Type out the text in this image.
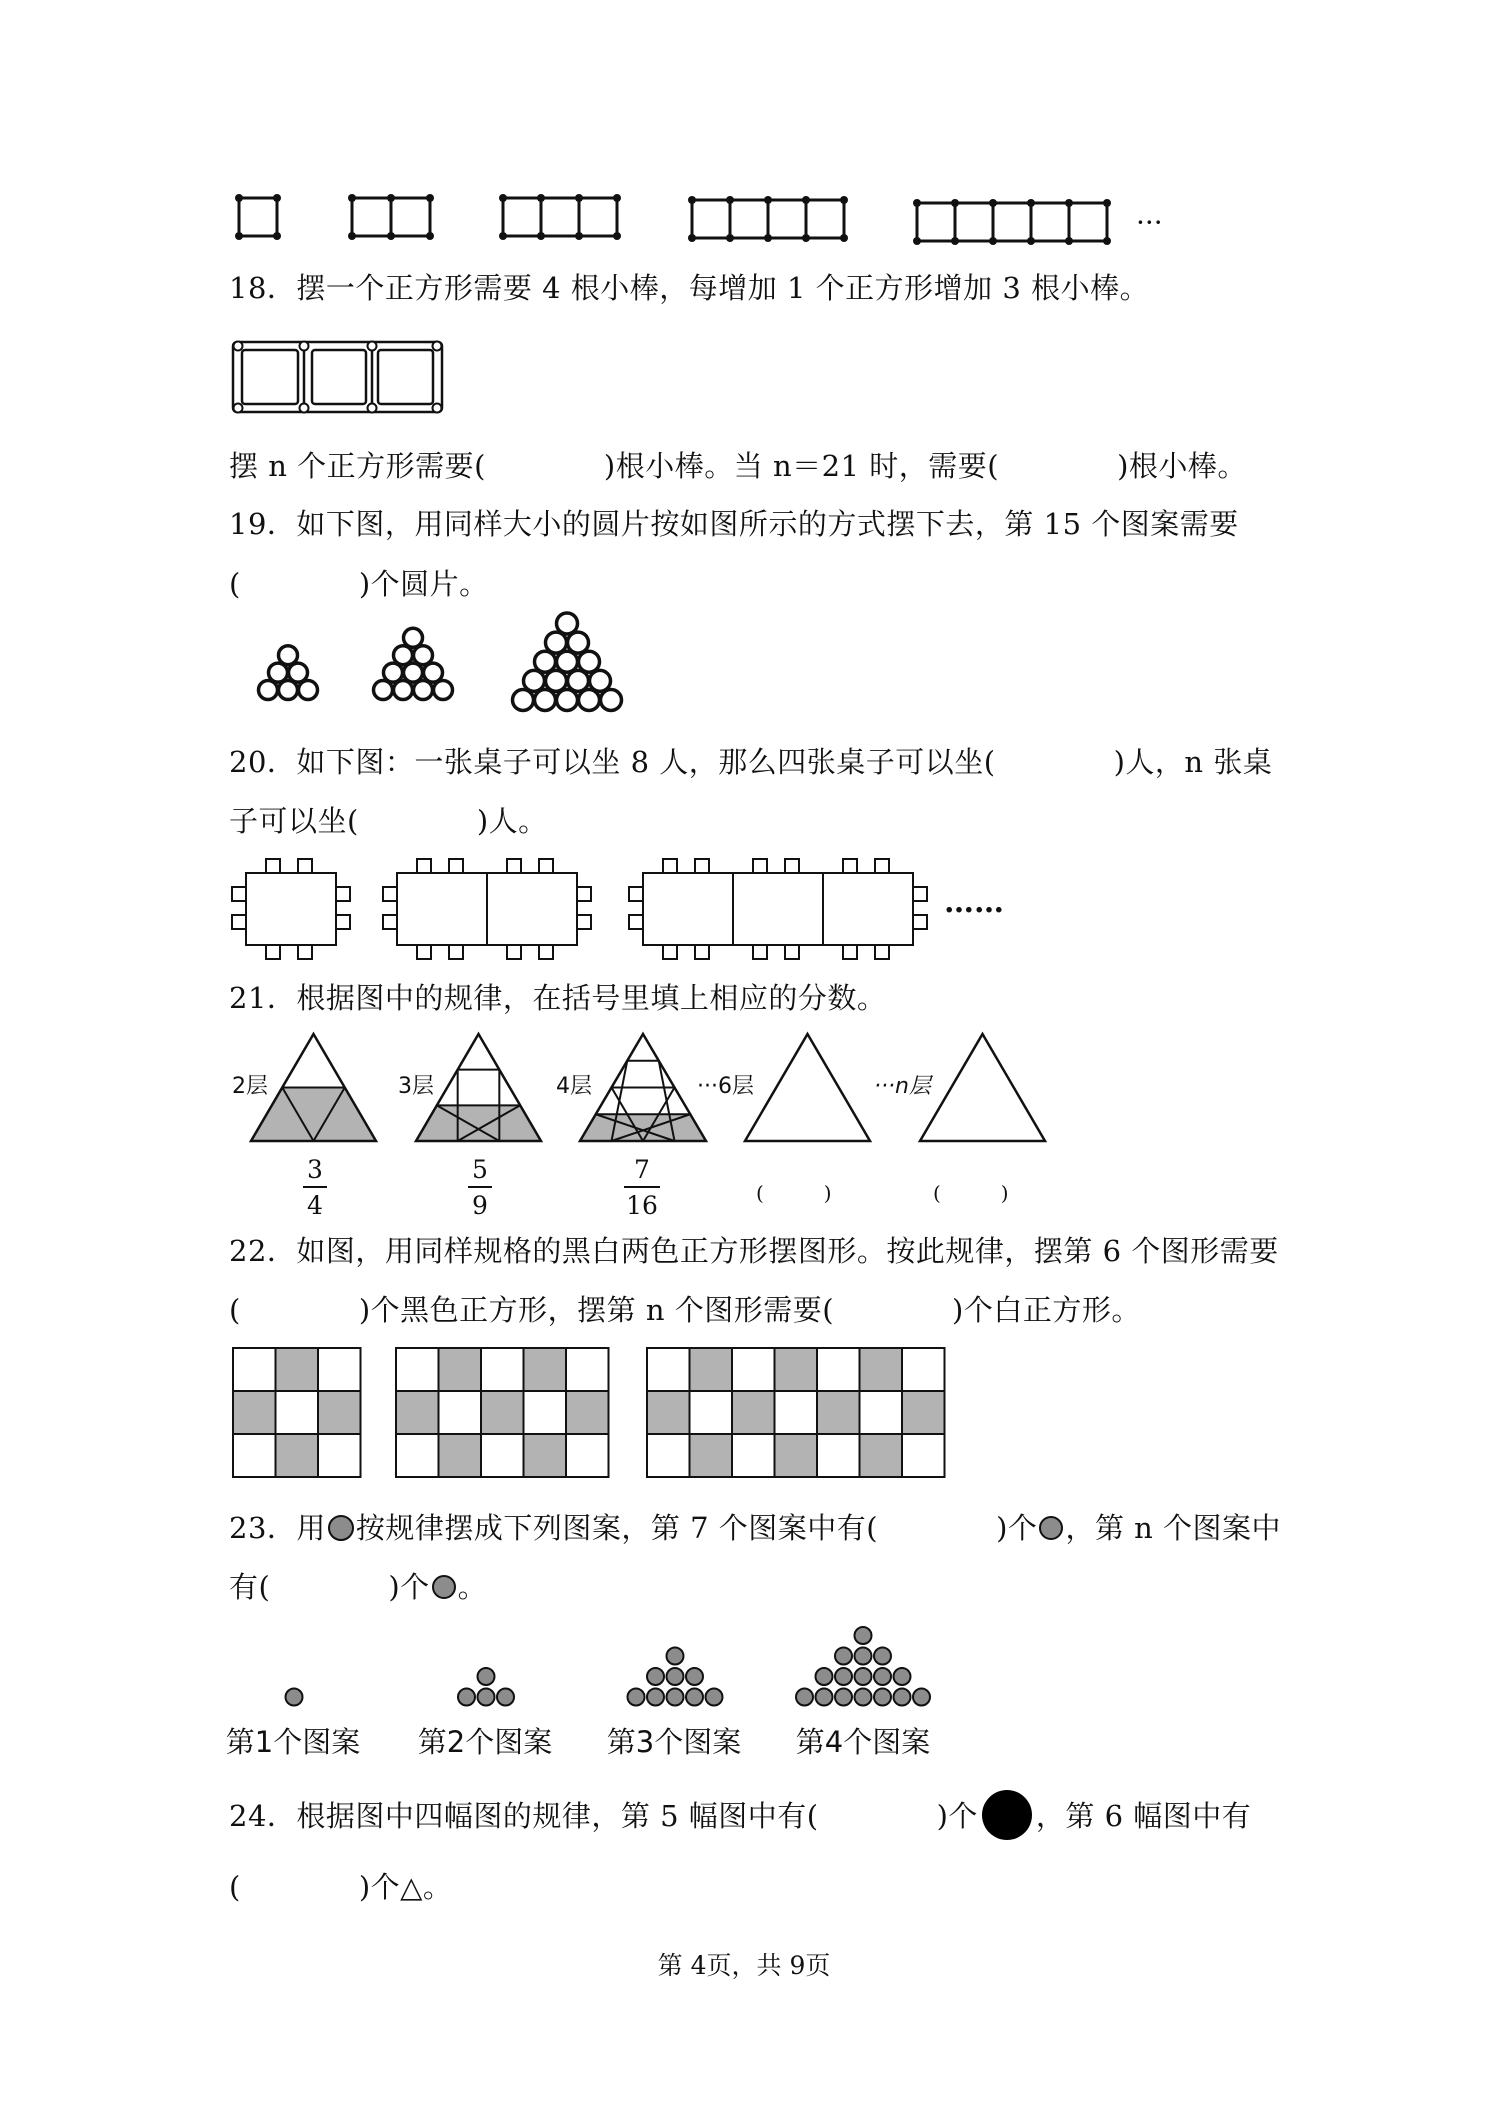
···
18．摆一个正方形需要 4 根小棒，每增加 1 个正方形增加 3 根小棒。
摆 n 个正方形需要(　　　　)根小棒。当 n＝21 时，需要(　　　　)根小棒。
19．如下图，用同样大小的圆片按如图所示的方式摆下去，第 15 个图案需要
(　　　　)个圆片。
20．如下图：一张桌子可以坐 8 人，那么四张桌子可以坐(　　　　)人，n 张桌
子可以坐(　　　　)人。
……
21．根据图中的规律，在括号里填上相应的分数。
2层	3层	4层	···6层	···n层
3
4
5
9
7
16	(　　　)	(　　　)
22．如图，用同样规格的黑白两色正方形摆图形。按此规律，摆第 6 个图形需要
(　　　　)个黑色正方形，摆第 n 个图形需要(　　　　)个白正方形。
23．用 按规律摆成下列图案，第 7 个图案中有(　　　　)个 ，第 n 个图案中
有(　　　　)个 。
第1个图案 第2个图案 第3个图案 第4个图案
24．根据图中四幅图的规律，第 5 幅图中有(　　　　)个 ，第 6 幅图中有
(　　　　)个△。
第 4页，共 9页
